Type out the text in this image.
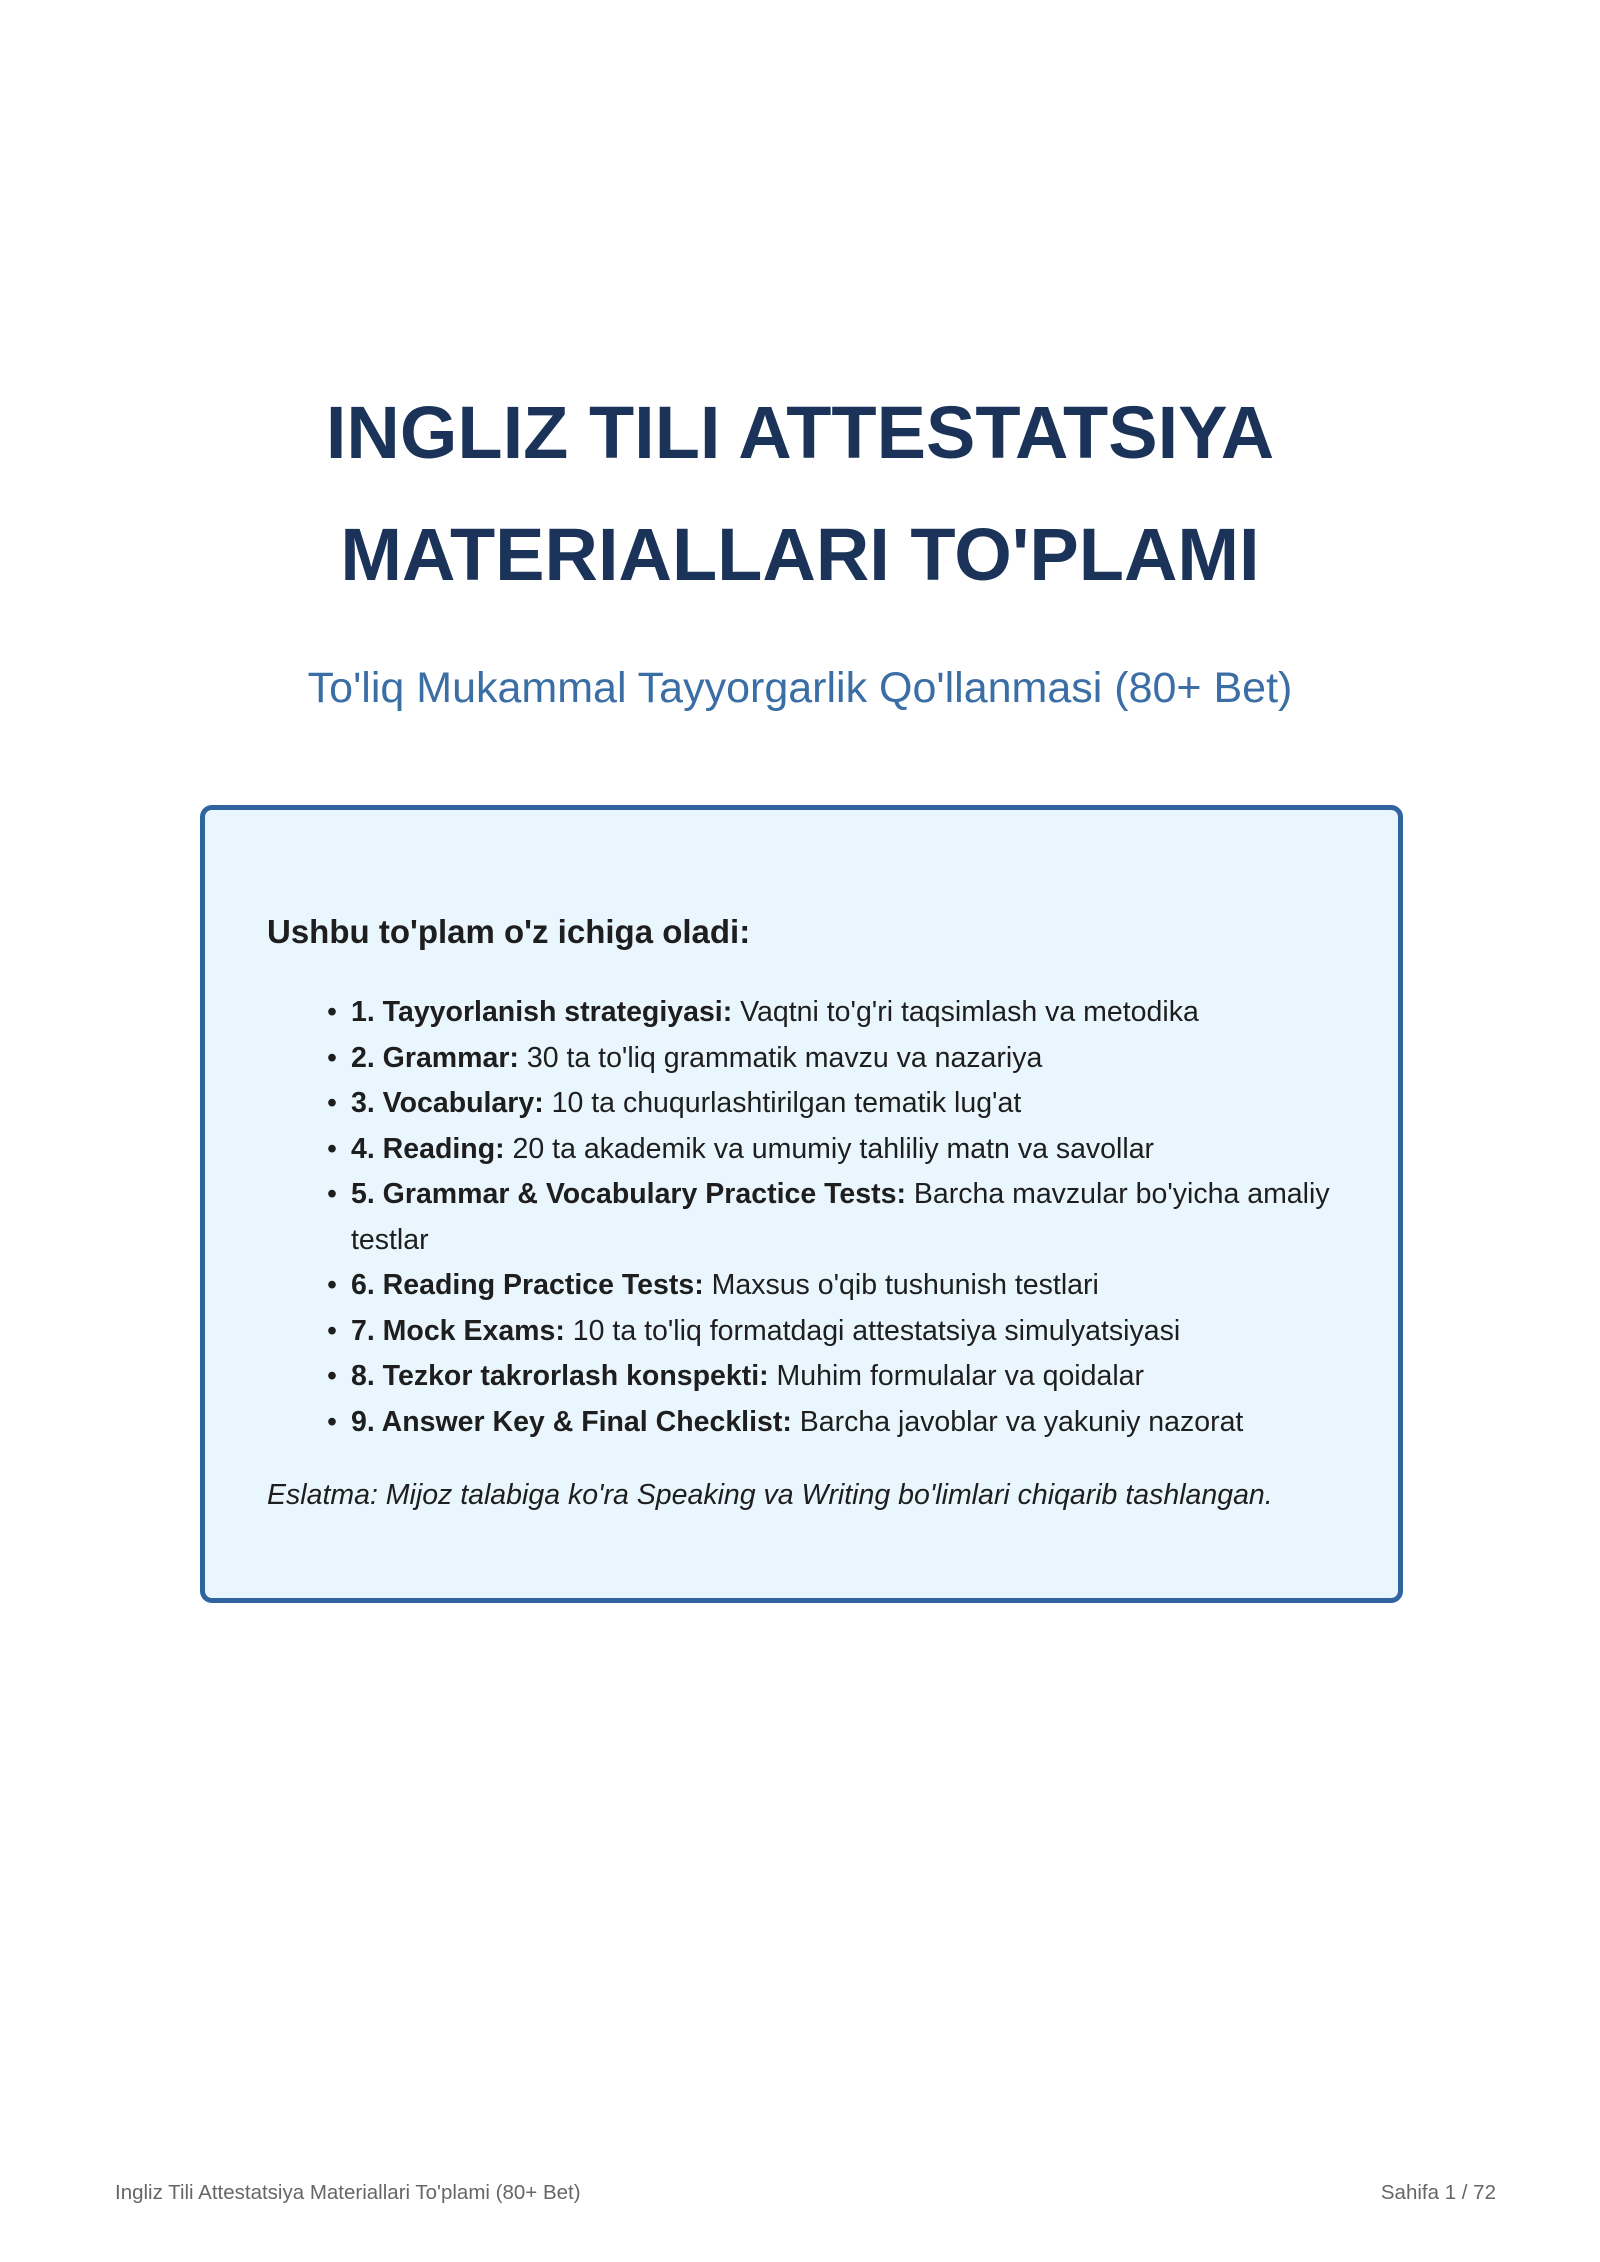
INGLIZ TILI ATTESTATSIYA
MATERIALLARI TO'PLAMI

To'liq Mukammal Tayyorgarlik Qo'llanmasi (80+ Bet)

Ushbu to'plam o'z ichiga oladi:

• 1. Tayyorlanish strategiyasi: Vaqtni to'g'ri taqsimlash va metodika
• 2. Grammar: 30 ta to'liq grammatik mavzu va nazariya
• 3. Vocabulary: 10 ta chuqurlashtirilgan tematik lug'at
• 4. Reading: 20 ta akademik va umumiy tahliliy matn va savollar
• 5. Grammar & Vocabulary Practice Tests: Barcha mavzular bo'yicha amaliy testlar
• 6. Reading Practice Tests: Maxsus o'qib tushunish testlari
• 7. Mock Exams: 10 ta to'liq formatdagi attestatsiya simulyatsiyasi
• 8. Tezkor takrorlash konspekti: Muhim formulalar va qoidalar
• 9. Answer Key & Final Checklist: Barcha javoblar va yakuniy nazorat

Eslatma: Mijoz talabiga ko'ra Speaking va Writing bo'limlari chiqarib tashlangan.

Ingliz Tili Attestatsiya Materiallari To'plami (80+ Bet)	Sahifa 1 / 72
